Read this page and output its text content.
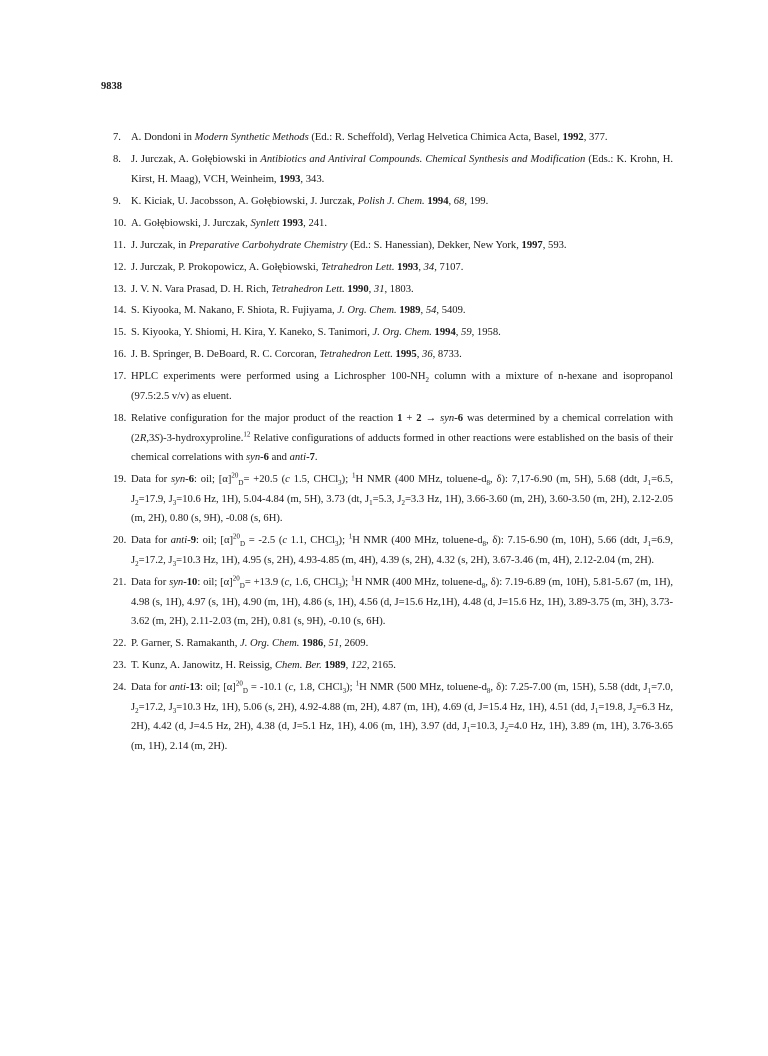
9838
7. A. Dondoni in Modern Synthetic Methods (Ed.: R. Scheffold), Verlag Helvetica Chimica Acta, Basel, 1992, 377.
8. J. Jurczak, A. Gołębiowski in Antibiotics and Antiviral Compounds. Chemical Synthesis and Modification (Eds.: K. Krohn, H. Kirst, H. Maag), VCH, Weinheim, 1993, 343.
9. K. Kiciak, U. Jacobsson, A. Gołębiowski, J. Jurczak, Polish J. Chem. 1994, 68, 199.
10. A. Gołębiowski, J. Jurczak, Synlett 1993, 241.
11. J. Jurczak, in Preparative Carbohydrate Chemistry (Ed.: S. Hanessian), Dekker, New York, 1997, 593.
12. J. Jurczak, P. Prokopowicz, A. Gołębiowski, Tetrahedron Lett. 1993, 34, 7107.
13. J. V. N. Vara Prasad, D. H. Rich, Tetrahedron Lett. 1990, 31, 1803.
14. S. Kiyooka, M. Nakano, F. Shiota, R. Fujiyama, J. Org. Chem. 1989, 54, 5409.
15. S. Kiyooka, Y. Shiomi, H. Kira, Y. Kaneko, S. Tanimori, J. Org. Chem. 1994, 59, 1958.
16. J. B. Springer, B. DeBoard, R. C. Corcoran, Tetrahedron Lett. 1995, 36, 8733.
17. HPLC experiments were performed using a Lichrospher $100-NH_2$ column with a mixture of n-hexane and isopropanol (97.5:2.5 v/v) as eluent.
18. Relative configuration for the major product of the reaction 1 + 2 → syn-6 was determined by a chemical correlation with (2R,3S)-3-hydroxyproline.$^{12}$ Relative configurations of adducts formed in other reactions were established on the basis of their chemical correlations with syn-6 and anti-7.
19. Data for syn-6: oil; $[\alpha]^{20}_D= +20.5$ (c 1.5, CHCl$_3$); $^1$H NMR (400 MHz, toluene-$d_8$, δ): 7,17-6.90 (m, 5H), 5.68 (ddt, $J_1=6.5$, $J_2=17.9$, $J_3=10.6$ Hz, 1H), 5.04-4.84 (m, 5H), 3.73 (dt, $J_1=5.3$, $J_2=3.3$ Hz, 1H), 3.66-3.60 (m, 2H), 3.60-3.50 (m, 2H), 2.12-2.05 (m, 2H), 0.80 (s, 9H), -0.08 (s, 6H).
20. Data for anti-9: oil; $[\alpha]^{20}_D = -2.5$ (c 1.1, CHCl$_3$); $^1$H NMR (400 MHz, toluene-$d_8$, δ): 7.15-6.90 (m, 10H), 5.66 (ddt, $J_1=6.9$, $J_2=17.2$, $J_3=10.3$ Hz, 1H), 4.95 (s, 2H), 4.93-4.85 (m, 4H), 4.39 (s, 2H), 4.32 (s, 2H), 3.67-3.46 (m, 4H), 2.12-2.04 (m, 2H).
21. Data for syn-10: oil; $[\alpha]^{20}_D= +13.9$ (c, 1.6, CHCl$_3$); $^1$H NMR (400 MHz, toluene-$d_8$, δ): 7.19-6.89 (m, 10H), 5.81-5.67 (m, 1H), 4.98 (s, 1H), 4.97 (s, 1H), 4.90 (m, 1H), 4.86 (s, 1H), 4.56 (d, J=15.6 Hz,1H), 4.48 (d, J=15.6 Hz, 1H), 3.89-3.75 (m, 3H), 3.73-3.62 (m, 2H), 2.11-2.03 (m, 2H), 0.81 (s, 9H), -0.10 (s, 6H).
22. P. Garner, S. Ramakanth, J. Org. Chem. 1986, 51, 2609.
23. T. Kunz, A. Janowitz, H. Reissig, Chem. Ber. 1989, 122, 2165.
24. Data for anti-13: oil; $[\alpha]^{20}_D = -10.1$ (c, 1.8, CHCl$_3$); $^1$H NMR (500 MHz, toluene-$d_8$, δ): 7.25-7.00 (m, 15H), 5.58 (ddt, $J_1=7.0$, $J_2=17.2$, $J_3=10.3$ Hz, 1H), 5.06 (s, 2H), 4.92-4.88 (m, 2H), 4.87 (m, 1H), 4.69 (d, J=15.4 Hz, 1H), 4.51 (dd, $J_1=19.8$, $J_2=6.3$ Hz, 2H), 4.42 (d, J=4.5 Hz, 2H), 4.38 (d, J=5.1 Hz, 1H), 4.06 (m, 1H), 3.97 (dd, $J_1=10.3$, $J_2=4.0$ Hz, 1H), 3.89 (m, 1H), 3.76-3.65 (m, 1H), 2.14 (m, 2H).
